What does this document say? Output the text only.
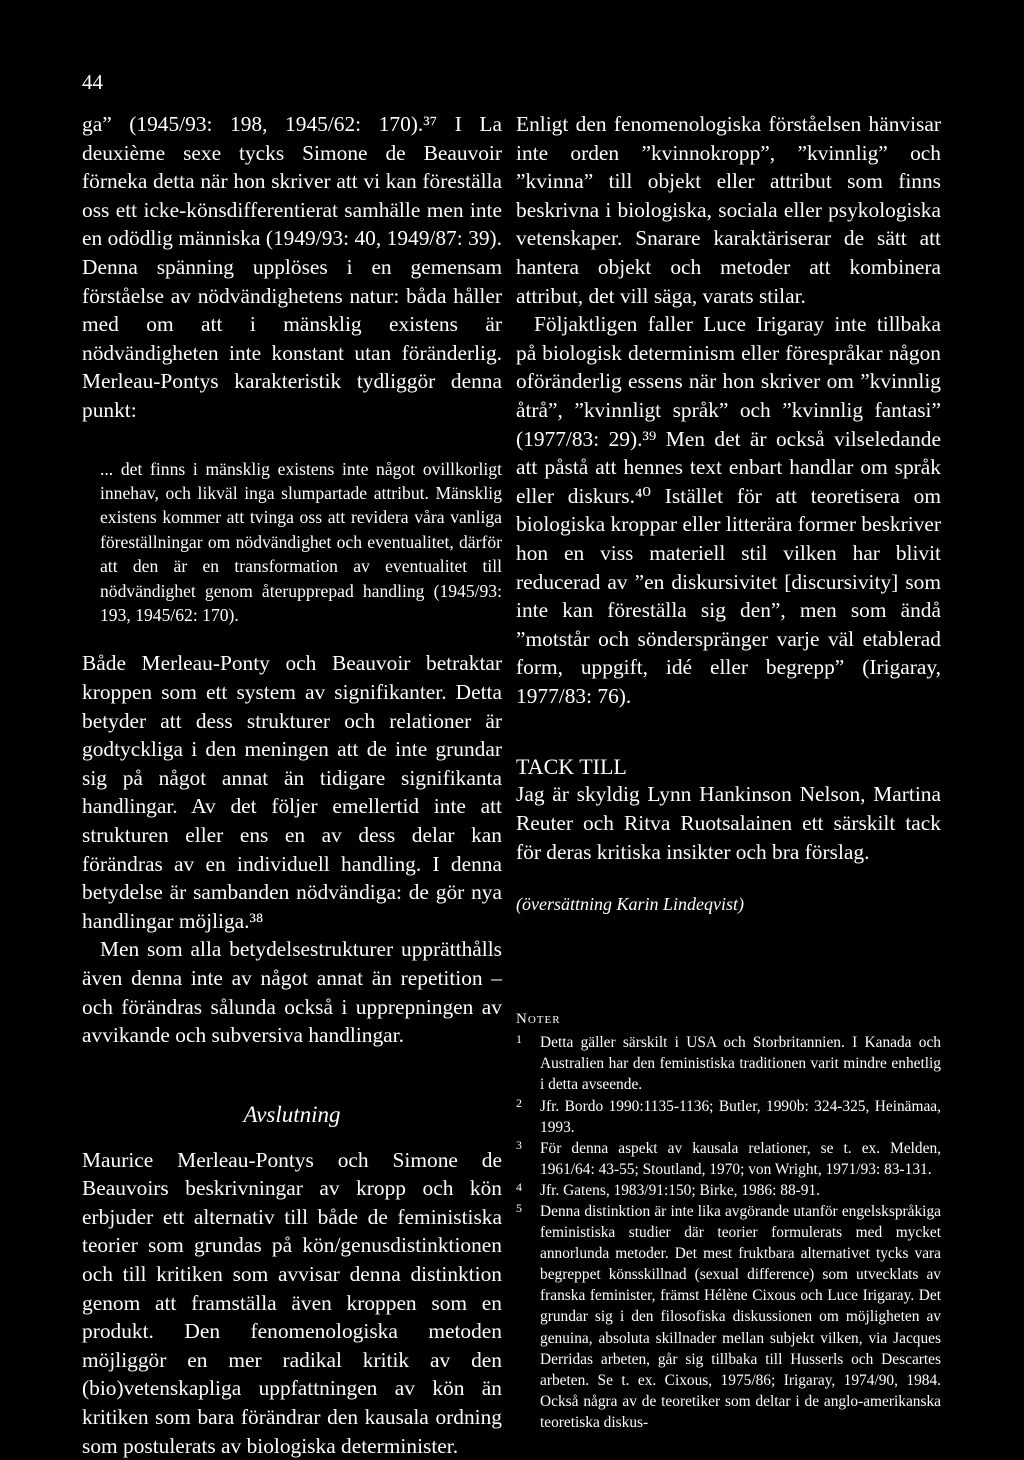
44

ga” (1945/93: 198, 1945/62: 170).³⁷ I La deuxième sexe tycks Simone de Beauvoir förneka detta när hon skriver att vi kan föreställa oss ett icke-könsdifferentierat samhälle men inte en odödlig människa (1949/93: 40, 1949/87: 39). Denna spänning upplöses i en gemensam förståelse av nödvändighetens natur: båda håller med om att i mänsklig existens är nödvändigheten inte konstant utan föränderlig. Merleau-Pontys karakteristik tydliggör denna punkt:

... det finns i mänsklig existens inte något ovillkorligt innehav, och likväl inga slumpartade attribut. Mänsklig existens kommer att tvinga oss att revidera våra vanliga föreställningar om nödvändighet och eventualitet, därför att den är en transformation av eventualitet till nödvändighet genom återupprepad handling (1945/93: 193, 1945/62: 170).

Både Merleau-Ponty och Beauvoir betraktar kroppen som ett system av signifikanter. Detta betyder att dess strukturer och relationer är godtyckliga i den meningen att de inte grundar sig på något annat än tidigare signifikanta handlingar. Av det följer emellertid inte att strukturen eller ens en av dess delar kan förändras av en individuell handling. I denna betydelse är sambanden nödvändiga: de gör nya handlingar möjliga.³⁸

Men som alla betydelsestrukturer upprätthålls även denna inte av något annat än repetition – och förändras sålunda också i upprepningen av avvikande och subversiva handlingar.

Avslutning

Maurice Merleau-Pontys och Simone de Beauvoirs beskrivningar av kropp och kön erbjuder ett alternativ till både de feministiska teorier som grundas på kön/genusdistinktionen och till kritiken som avvisar denna distinktion genom att framställa även kroppen som en produkt. Den fenomenologiska metoden möjliggör en mer radikal kritik av den (bio)vetenskapliga uppfattningen av kön än kritiken som bara förändrar den kausala ordning som postulerats av biologiska determinister.

Enligt den fenomenologiska förståelsen hänvisar inte orden ”kvinnokropp”, ”kvinnlig” och ”kvinna” till objekt eller attribut som finns beskrivna i biologiska, sociala eller psykologiska vetenskaper. Snarare karaktäriserar de sätt att hantera objekt och metoder att kombinera attribut, det vill säga, varats stilar.

Följaktligen faller Luce Irigaray inte tillbaka på biologisk determinism eller förespråkar någon oföränderlig essens när hon skriver om ”kvinnlig åtrå”, ”kvinnligt språk” och ”kvinnlig fantasi” (1977/83: 29).³⁹ Men det är också vilseledande att påstå att hennes text enbart handlar om språk eller diskurs.⁴⁰ Istället för att teoretisera om biologiska kroppar eller litterära former beskriver hon en viss materiell stil vilken har blivit reducerad av ”en diskursivitet [discursivity] som inte kan föreställa sig den”, men som ändå ”motstår och sönderspränger varje väl etablerad form, uppgift, idé eller begrepp” (Irigaray, 1977/83: 76).

TACK TILL

Jag är skyldig Lynn Hankinson Nelson, Martina Reuter och Ritva Ruotsalainen ett särskilt tack för deras kritiska insikter och bra förslag.

(översättning Karin Lindeqvist)
Noter
1	Detta gäller särskilt i USA och Storbritannien. I Kanada och Australien har den feministiska traditionen varit mindre enhetlig i detta avseende.
2	Jfr. Bordo 1990:1135-1136; Butler, 1990b: 324-325, Heinämaa, 1993.
3	För denna aspekt av kausala relationer, se t. ex. Melden, 1961/64: 43-55; Stoutland, 1970; von Wright, 1971/93: 83-131.
4	Jfr. Gatens, 1983/91:150; Birke, 1986: 88-91.
5	Denna distinktion är inte lika avgörande utanför engelskspråkiga feministiska studier där teorier formulerats med mycket annorlunda metoder. Det mest fruktbara alternativet tycks vara begreppet könsskillnad (sexual difference) som utvecklats av franska feminister, främst Hélène Cixous och Luce Irigaray. Det grundar sig i den filosofiska diskussionen om möjligheten av genuina, absoluta skillnader mellan subjekt vilken, via Jacques Derridas arbeten, går sig tillbaka till Husserls och Descartes arbeten. Se t. ex. Cixous, 1975/86; Irigaray, 1974/90, 1984. Också några av de teoretiker som deltar i de anglo-amerikanska teoretiska diskus-
